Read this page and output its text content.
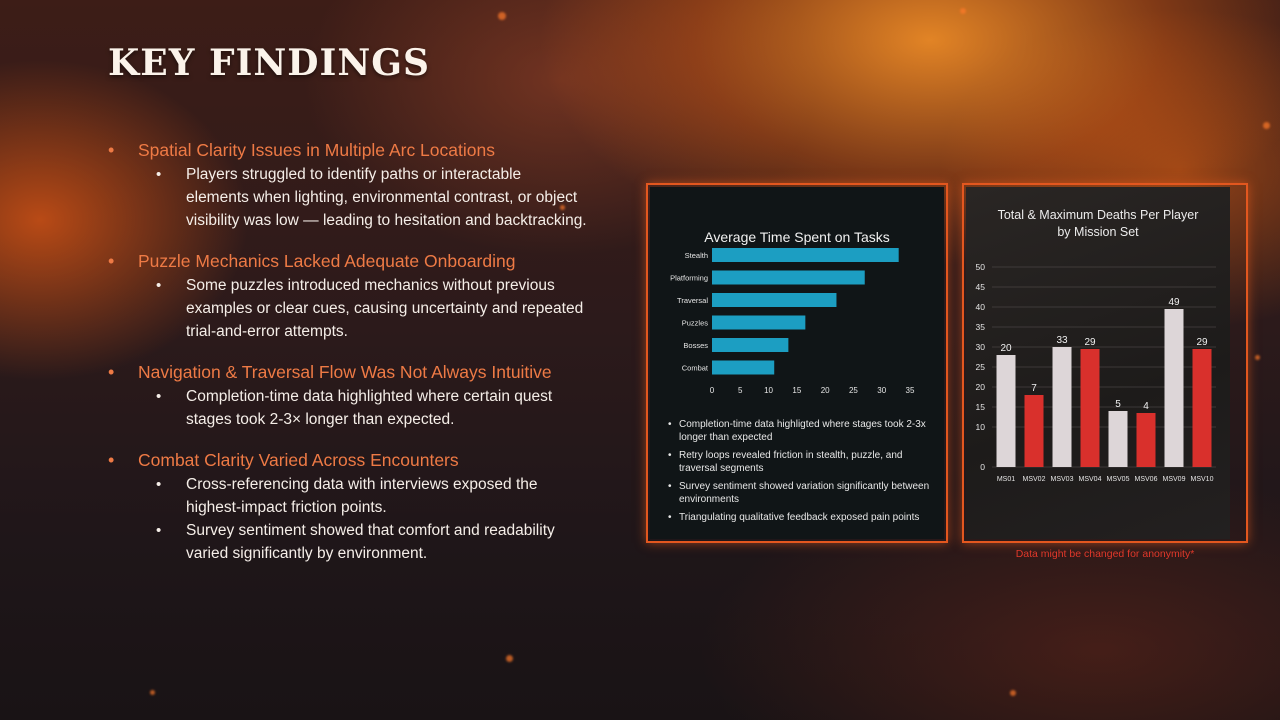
KEY FINDINGS
•	Spatial Clarity Issues in Multiple Arc Locations
•	Players struggled to identify paths or interactable elements when lighting, environmental contrast, or object visibility was low — leading to hesitation and backtracking.
•	Puzzle Mechanics Lacked Adequate Onboarding
•	Some puzzles introduced mechanics without previous examples or clear cues, causing uncertainty and repeated trial-and-error attempts.
•	Navigation & Traversal Flow Was Not Always Intuitive
•	Completion-time data highlighted where certain quest stages took 2-3× longer than expected.
•	Combat Clarity Varied Across Encounters
•	Cross-referencing data with interviews exposed the highest-impact friction points.
•	Survey sentiment showed that comfort and readability varied significantly by environment.
Average Time Spent on Tasks
Stealth
Platforming
Traversal
Puzzles
Bosses
Combat
0	5	10 15 20 25 30 35
• Completion-time data highligted where stages took 2-3x longer than expected
• Retry loops revealed friction in stealth, puzzle, and traversal segments
• Survey sentiment showed variation significantly between environments
• Triangulating qualitative feedback exposed pain points
Total & Maximum Deaths Per Player
by Mission Set
0
10
15
20
25
30
35
40
45
50
20
MS01
7
MSV02
33
MSV03
29
MSV04
5
MSV05
4
MSV06
49
MSV09
29
MSV10
Data might be changed for anonymity*
